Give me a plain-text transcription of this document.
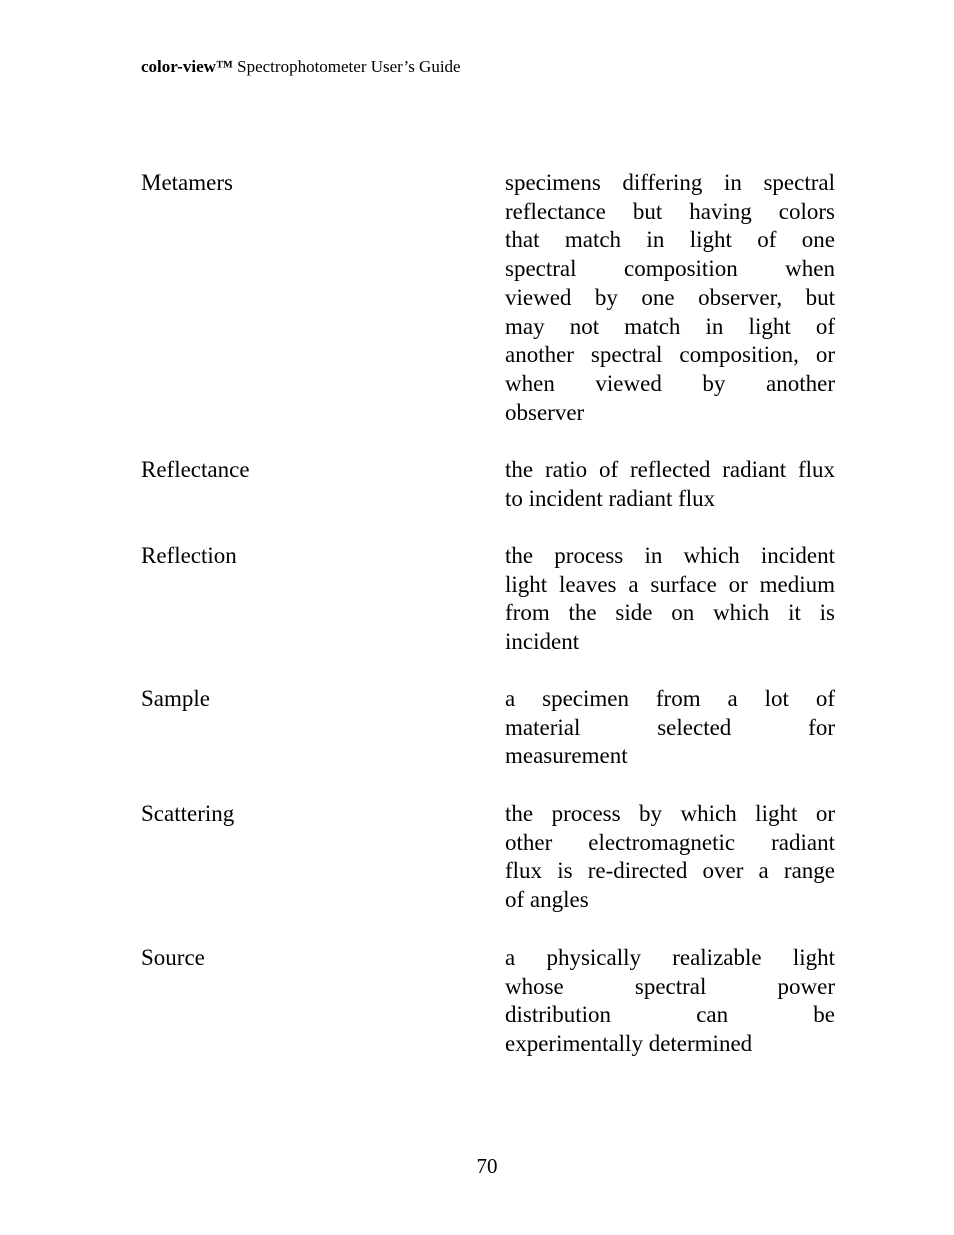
color-view™ Spectrophotometer User’s Guide
Metamers	specimens differing in spectral
reflectance but having colors
that match in light of one
spectral composition when
viewed by one observer, but
may not match in light of
another spectral composition, or
when viewed by another
observer
Reflectance	the ratio of reflected radiant flux
to incident radiant flux
Reflection	the process in which incident
light leaves a surface or medium
from the side on which it is
incident
Sample	a specimen from a lot of
material selected for
measurement
Scattering	the process by which light or
other electromagnetic radiant
flux is re-directed over a range
of angles
Source	a physically realizable light
whose spectral power
distribution can be
experimentally determined
70
